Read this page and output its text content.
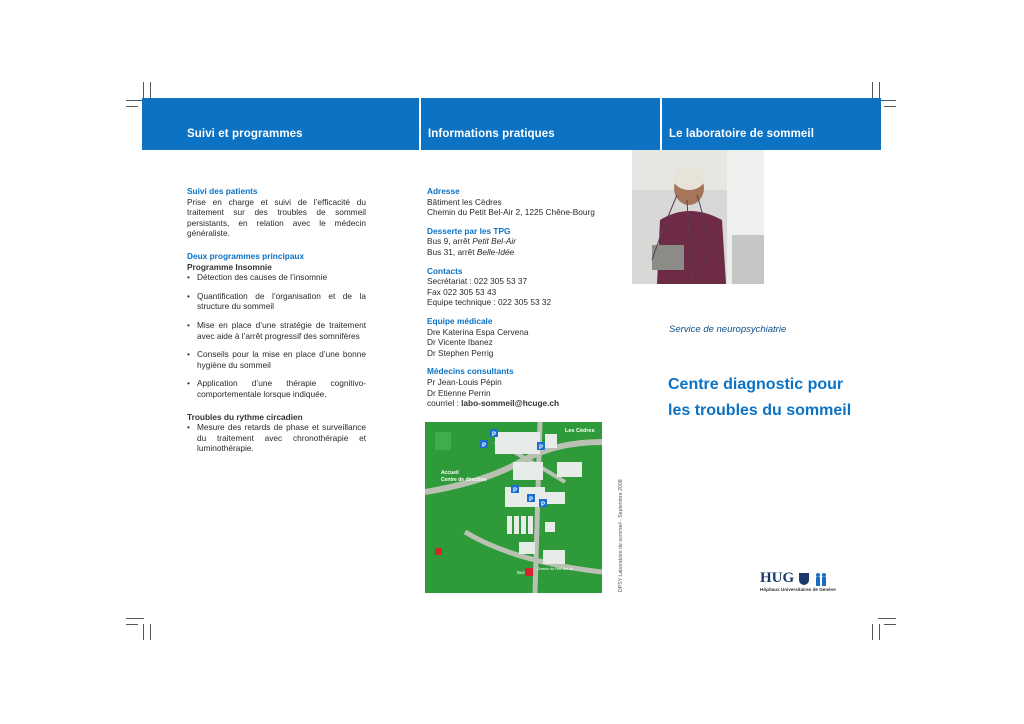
Suivi et programmes	Informations pratiques	Le laboratoire de sommeil
Suivi des patients
Prise en charge et suivi de l’efficacité du traitement sur des troubles de sommeil persistants, en relation avec le médecin généraliste.
Deux programmes principaux
Programme Insomnie
• Détection des causes de l’insomnie
• Quantification de l’organisation et de la structure du sommeil
• Mise en place d’une stratégie de traitement avec aide à l’arrêt progressif des somnifères
• Conseils pour la mise en place d’une bonne hygiène du sommeil
• Application d’une thérapie cognitivo-comportementale lorsque indiquée.
Troubles du rythme circadien
• Mesure des retards de phase et surveillance du traitement avec chronothérapie et luminothérapie.
Adresse
Bâtiment les Cèdres
Chemin du Petit Bel-Air 2, 1225 Chêne-Bourg
Desserte par les TPG
Bus 9, arrêt Petit Bel-Air
Bus 31, arrêt Belle-Idée
Contacts
Secrétariat : 022 305 53 37
Fax 022 305 53 43
Equipe technique : 022 305 53 32
Equipe médicale
Dre Katerina Espa Cervena
Dr Vicente Ibanez
Dr Stephen Perrig
Médecins consultants
Pr Jean-Louis Pépin
Dr Etienne Perrin
courriel : labo-sommeil@hcuge.ch
P
P	P
P
P
P
Les Cèdres
Accueil
Centre de direction
Bus
Chemin du Petit Bel-Air	DPSY Laboratoire de sommeil - Septembre 2008
Service de neuropsychiatrie
Centre diagnostic pour
les troubles du sommeil
HUG
Hôpitaux Universitaires de Genève
